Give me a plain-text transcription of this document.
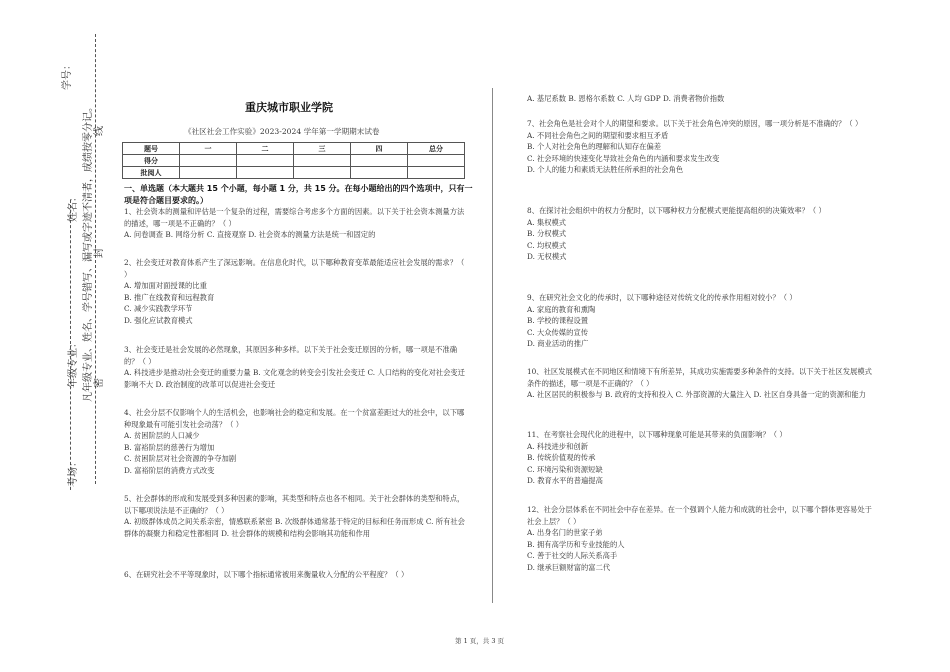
学号：
姓名：
年级专业：
考场：
凡年级专业、姓名、学号错写、漏写或字迹不清者，成绩按零分记。 线
封
密
重庆城市职业学院
《社区社会工作实验》2023-2024 学年第一学期期末试卷
题号	一	二	三	四	总分
得分					
批阅人					
一、单选题（本大题共 15 个小题，每小题 1 分，共 15 分。在每小题给出的四个选项中，只有一项是符合题目要求的。）

1、社会资本的测量和评估是一个复杂的过程，需要综合考虑多个方面的因素。以下关于社会资本测量方法的描述，哪一项是不正确的？（ ）

A. 问卷调查 B. 网络分析 C. 直接观察 D. 社会资本的测量方法是统一和固定的

2、社会变迁对教育体系产生了深远影响。在信息化时代，以下哪种教育变革最能适应社会发展的需求？（ ）

A. 增加面对面授课的比重

B. 推广在线教育和远程教育

C. 减少实践教学环节

D. 强化应试教育模式

3、社会变迁是社会发展的必然现象，其原因多种多样。以下关于社会变迁原因的分析，哪一项是不准确的？（ ）

A. 科技进步是推动社会变迁的重要力量 B. 文化观念的转变会引发社会变迁 C. 人口结构的变化对社会变迁影响不大 D. 政治制度的改革可以促进社会变迁

4、社会分层不仅影响个人的生活机会，也影响社会的稳定和发展。在一个贫富差距过大的社会中，以下哪种现象最有可能引发社会动荡？（ ）

A. 贫困阶层的人口减少

B. 富裕阶层的慈善行为增加

C. 贫困阶层对社会资源的争夺加剧

D. 富裕阶层的消费方式改变

5、社会群体的形成和发展受到多种因素的影响，其类型和特点也各不相同。关于社会群体的类型和特点，以下哪项说法是不正确的？（ ）

A. 初级群体成员之间关系亲密，情感联系紧密 B. 次级群体通常基于特定的目标和任务而形成 C. 所有社会群体的凝聚力和稳定性都相同 D. 社会群体的规模和结构会影响其功能和作用

6、在研究社会不平等现象时，以下哪个指标通常被用来衡量收入分配的公平程度？（ ）

A. 基尼系数 B. 恩格尔系数 C. 人均 GDP D. 消费者物价指数

7、社会角色是社会对个人的期望和要求。以下关于社会角色冲突的原因，哪一项分析是不准确的？（ ）

A. 不同社会角色之间的期望和要求相互矛盾

B. 个人对社会角色的理解和认知存在偏差

C. 社会环境的快速变化导致社会角色的内涵和要求发生改变

D. 个人的能力和素质无法胜任所承担的社会角色

8、在探讨社会组织中的权力分配时，以下哪种权力分配模式更能提高组织的决策效率？（ ）

A. 集权模式

B. 分权模式

C. 均权模式

D. 无权模式

9、在研究社会文化的传承时，以下哪种途径对传统文化的传承作用相对较小？（ ）

A. 家庭的教育和熏陶

B. 学校的课程设置

C. 大众传媒的宣传

D. 商业活动的推广

10、社区发展模式在不同地区和情境下有所差异，其成功实施需要多种条件的支持。以下关于社区发展模式条件的描述，哪一项是不正确的？（ ）

A. 社区居民的积极参与 B. 政府的支持和投入 C. 外部资源的大量注入 D. 社区自身具备一定的资源和能力

11、在考察社会现代化的进程中，以下哪种现象可能是其带来的负面影响？（ ）

A. 科技进步和创新

B. 传统价值观的传承

C. 环境污染和资源短缺

D. 教育水平的普遍提高

12、社会分层体系在不同社会中存在差异。在一个强调个人能力和成就的社会中，以下哪个群体更容易处于社会上层？（ ）

A. 出身名门的世家子弟

B. 拥有高学历和专业技能的人

C. 善于社交的人际关系高手

D. 继承巨额财富的富二代

第 1 页，共 3 页
